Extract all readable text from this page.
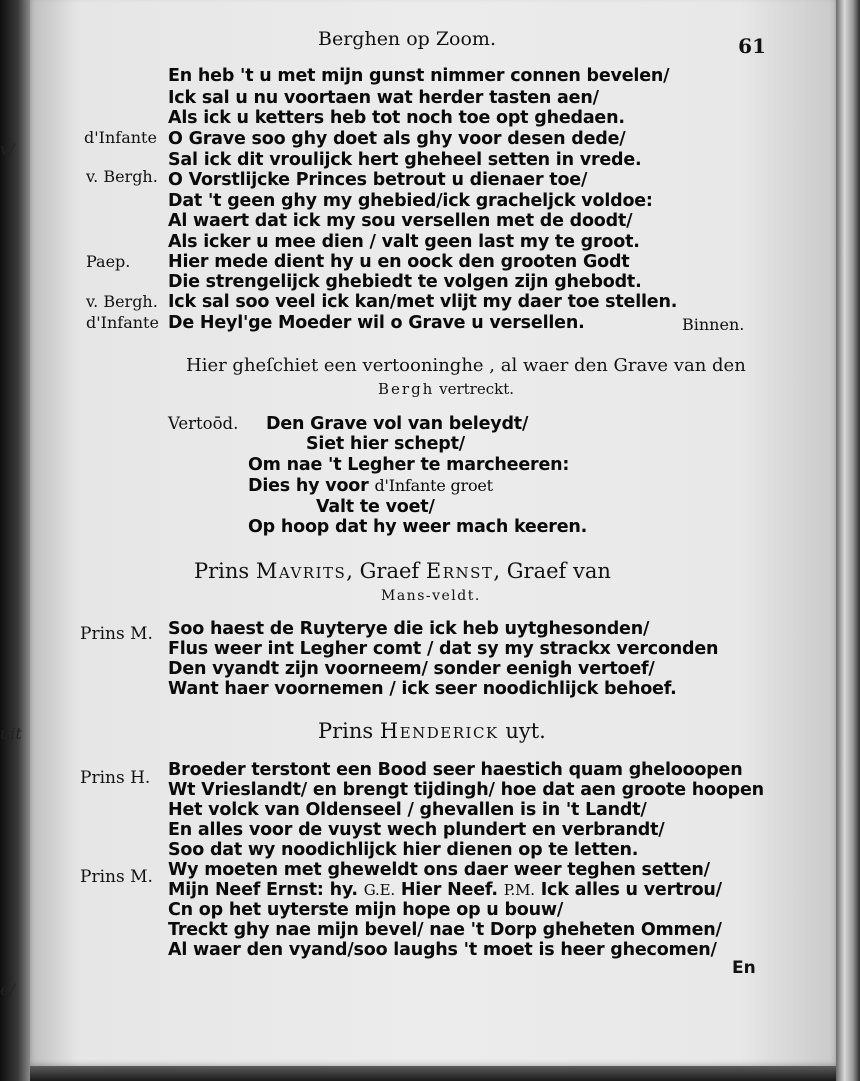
v/
uit
e/
Berghen op Zoom.	61
En heb 't u met mijn gunst nimmer connen bevelen/
Ick sal u nu voortaen wat herder tasten aen/
Als ick u ketters heb tot noch toe opt ghedaen.
O Grave soo ghy doet als ghy voor desen dede/
Sal ick dit vroulijck hert gheheel setten in vrede.
O Vorstlijcke Princes betrout u dienaer toe/
Dat 't geen ghy my ghebied/ick gracheljck voldoe:
Al waert dat ick my sou versellen met de doodt/
Als icker u mee dien / valt geen last my te groot.
Hier mede dient hy u en oock den grooten Godt
Die strengelijck ghebiedt te volgen zijn ghebodt.
Ick sal soo veel ick kan/met vlijt my daer toe stellen.
De Heyl'ge Moeder wil o Grave u versellen.
d'Infante
v. Bergh.
Paep.
v. Bergh.
d'Infante	Binnen.
Hier gheſchiet een vertooninghe , al waer den Grave van den
Bergh vertreckt.
Vertoōd. Den Grave vol van beleydt/
Siet hier schept/
Om nae 't Legher te marcheeren:
Dies hy voor d'Infante groet
Valt te voet/
Op hoop dat hy weer mach keeren.
Prins Mavrits, Graef Ernst, Graef van
Mans-veldt.
Prins M. Soo haest de Ruyterye die ick heb uytghesonden/
Flus weer int Legher comt / dat sy my strackx verconden
Den vyandt zijn voorneem/ sonder eenigh vertoef/
Want haer voornemen / ick seer noodichlijck behoef.
Prins Henderick uyt.
Prins H. Broeder terstont een Bood seer haestich quam ghelooopen
Wt Vrieslandt/ en brengt tijdingh/ hoe dat aen groote hoopen
Het volck van Oldenseel / ghevallen is in 't Landt/
En alles voor de vuyst wech plundert en verbrandt/
Soo dat wy noodichlijck hier dienen op te letten.
Prins M. Wy moeten met gheweldt ons daer weer teghen setten/
Mijn Neef Ernst: hy. G.E. Hier Neef. P.M. Ick alles u vertrou/
Cn op het uyterste mijn hope op u bouw/
Treckt ghy nae mijn bevel/ nae 't Dorp gheheten Ommen/
Al waer den vyand/soo laughs 't moet is heer ghecomen/
En
